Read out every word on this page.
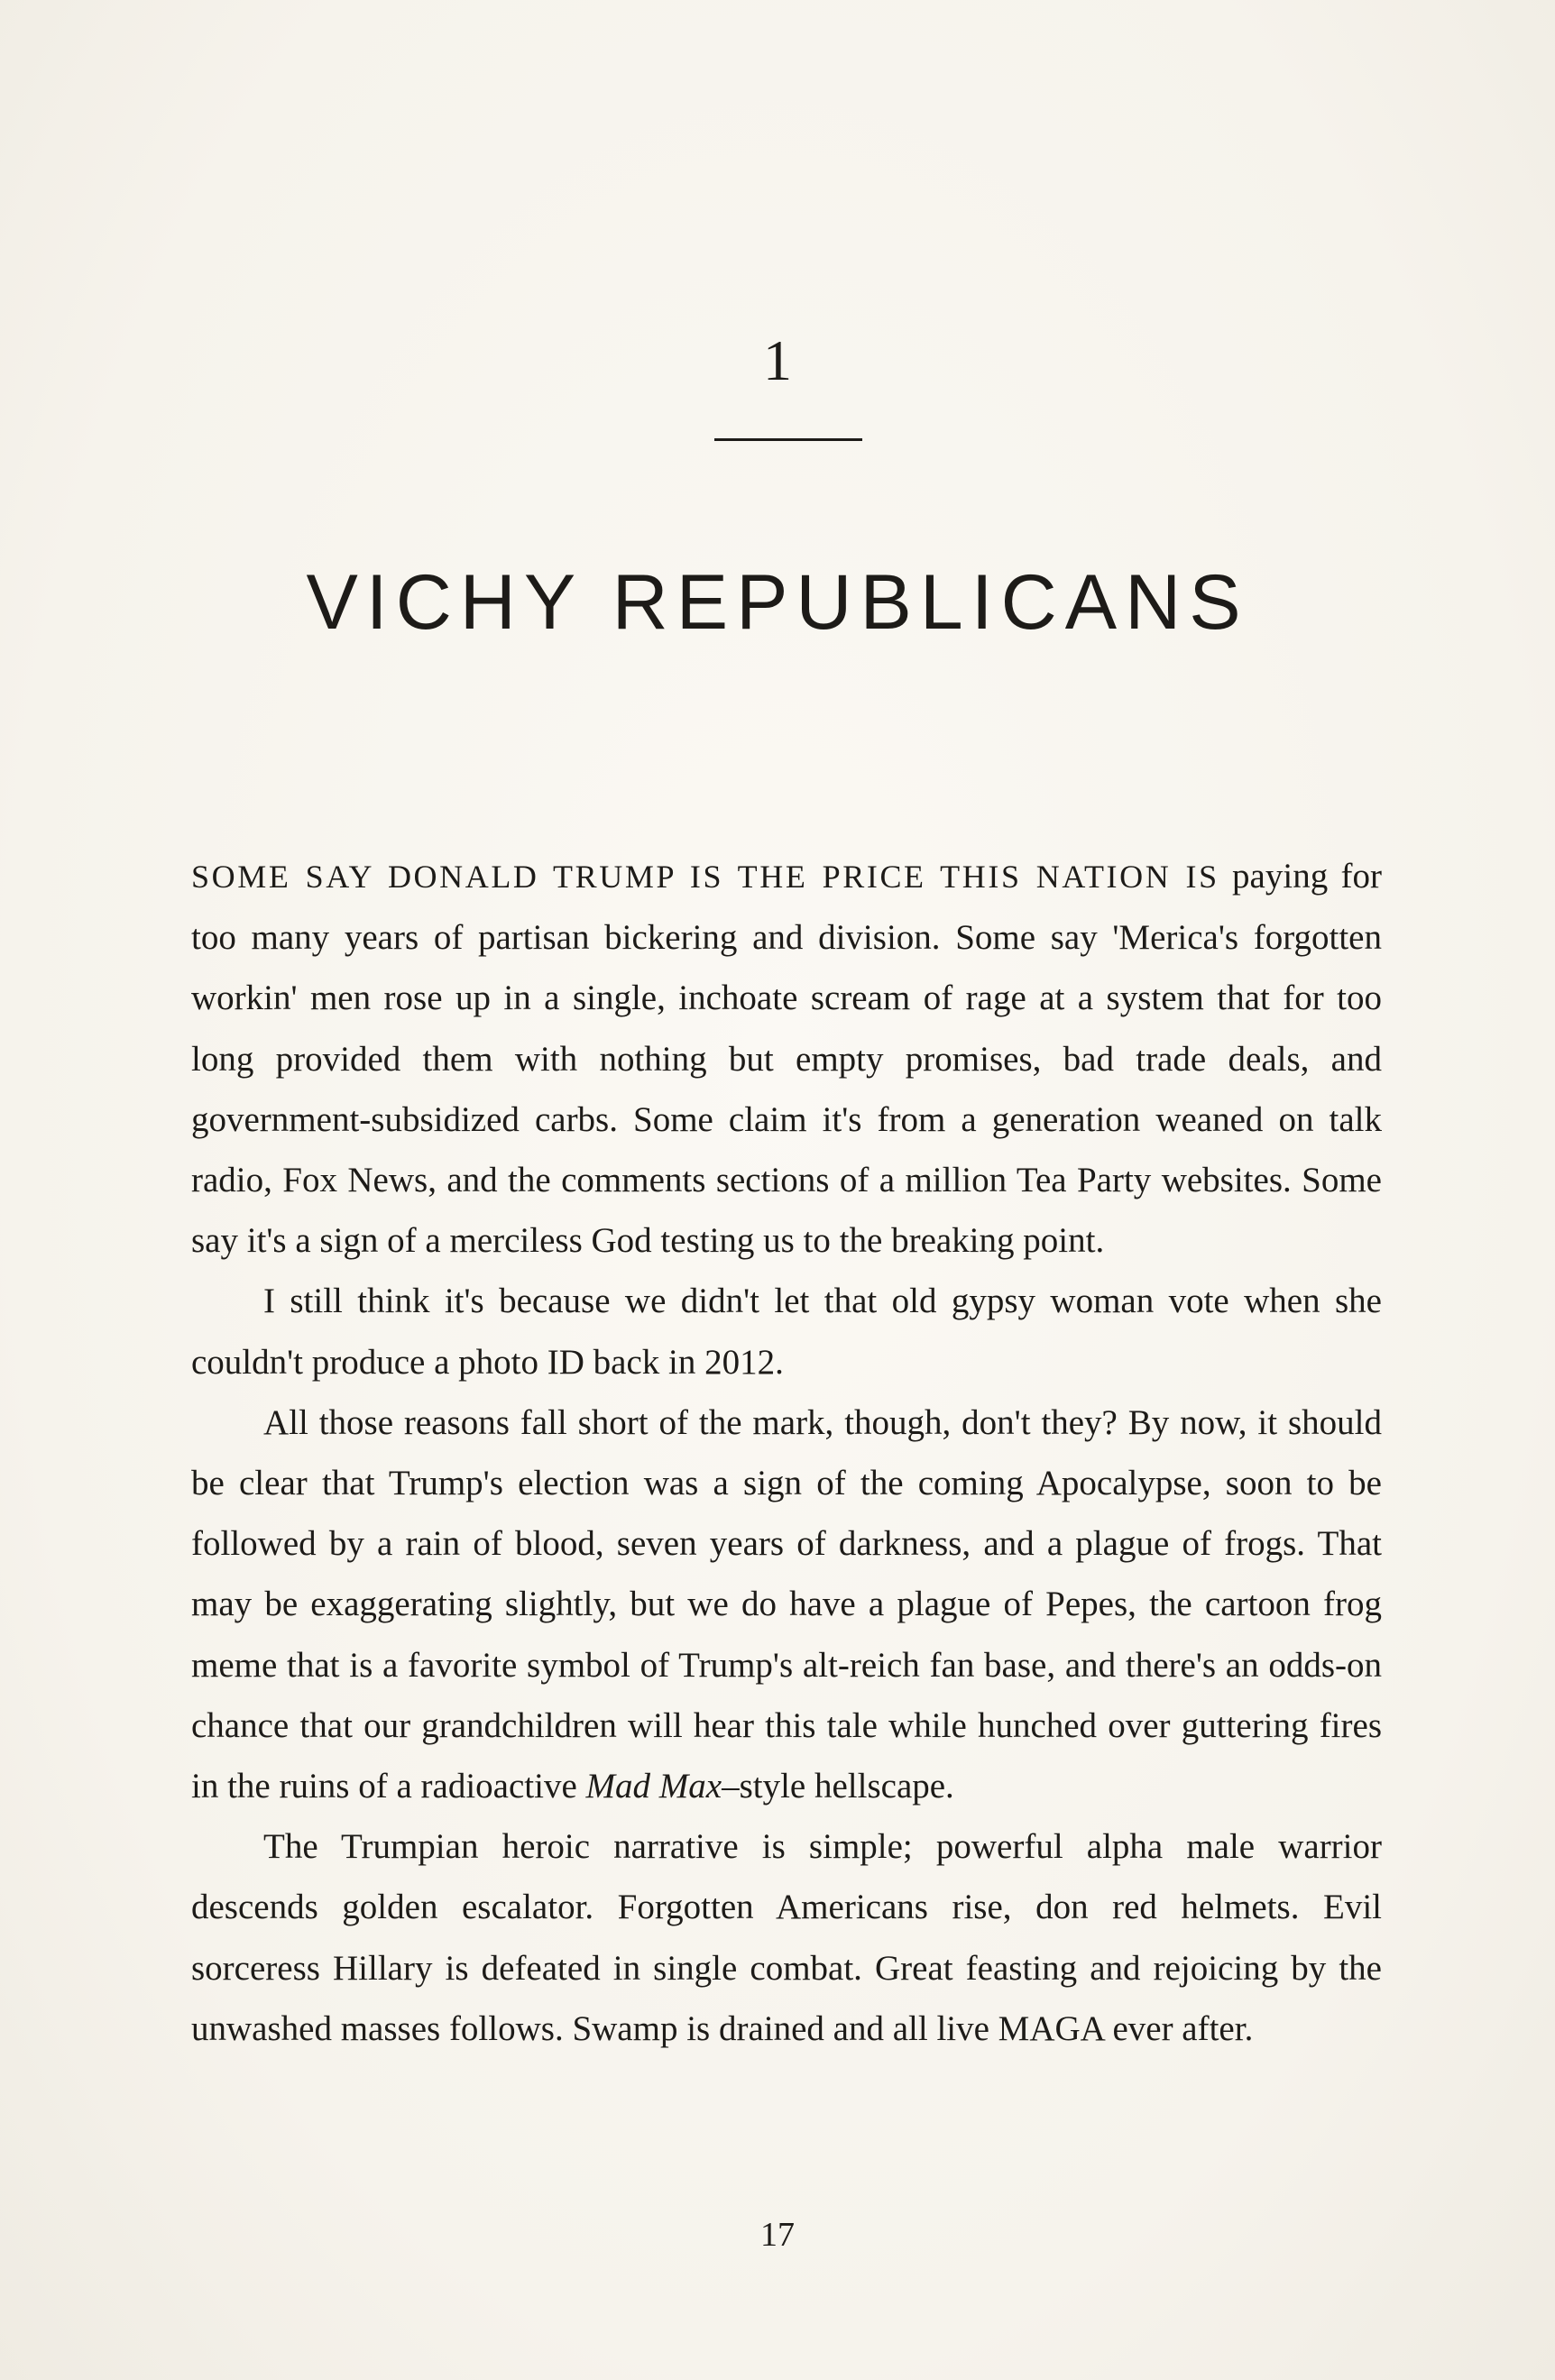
1
VICHY REPUBLICANS

SOME SAY DONALD TRUMP IS THE PRICE THIS NATION IS paying for too many years of partisan bickering and division. Some say 'Merica's forgotten workin' men rose up in a single, inchoate scream of rage at a system that for too long provided them with nothing but empty promises, bad trade deals, and government-subsidized carbs. Some claim it's from a generation weaned on talk radio, Fox News, and the comments sections of a million Tea Party websites. Some say it's a sign of a merciless God testing us to the breaking point.

I still think it's because we didn't let that old gypsy woman vote when she couldn't produce a photo ID back in 2012.

All those reasons fall short of the mark, though, don't they? By now, it should be clear that Trump's election was a sign of the coming Apocalypse, soon to be followed by a rain of blood, seven years of darkness, and a plague of frogs. That may be exaggerating slightly, but we do have a plague of Pepes, the cartoon frog meme that is a favorite symbol of Trump's alt-reich fan base, and there's an odds-on chance that our grandchildren will hear this tale while hunched over guttering fires in the ruins of a radioactive Mad Max–style hellscape.

The Trumpian heroic narrative is simple; powerful alpha male warrior descends golden escalator. Forgotten Americans rise, don red helmets. Evil sorceress Hillary is defeated in single combat. Great feasting and rejoicing by the unwashed masses follows. Swamp is drained and all live MAGA ever after.

17
